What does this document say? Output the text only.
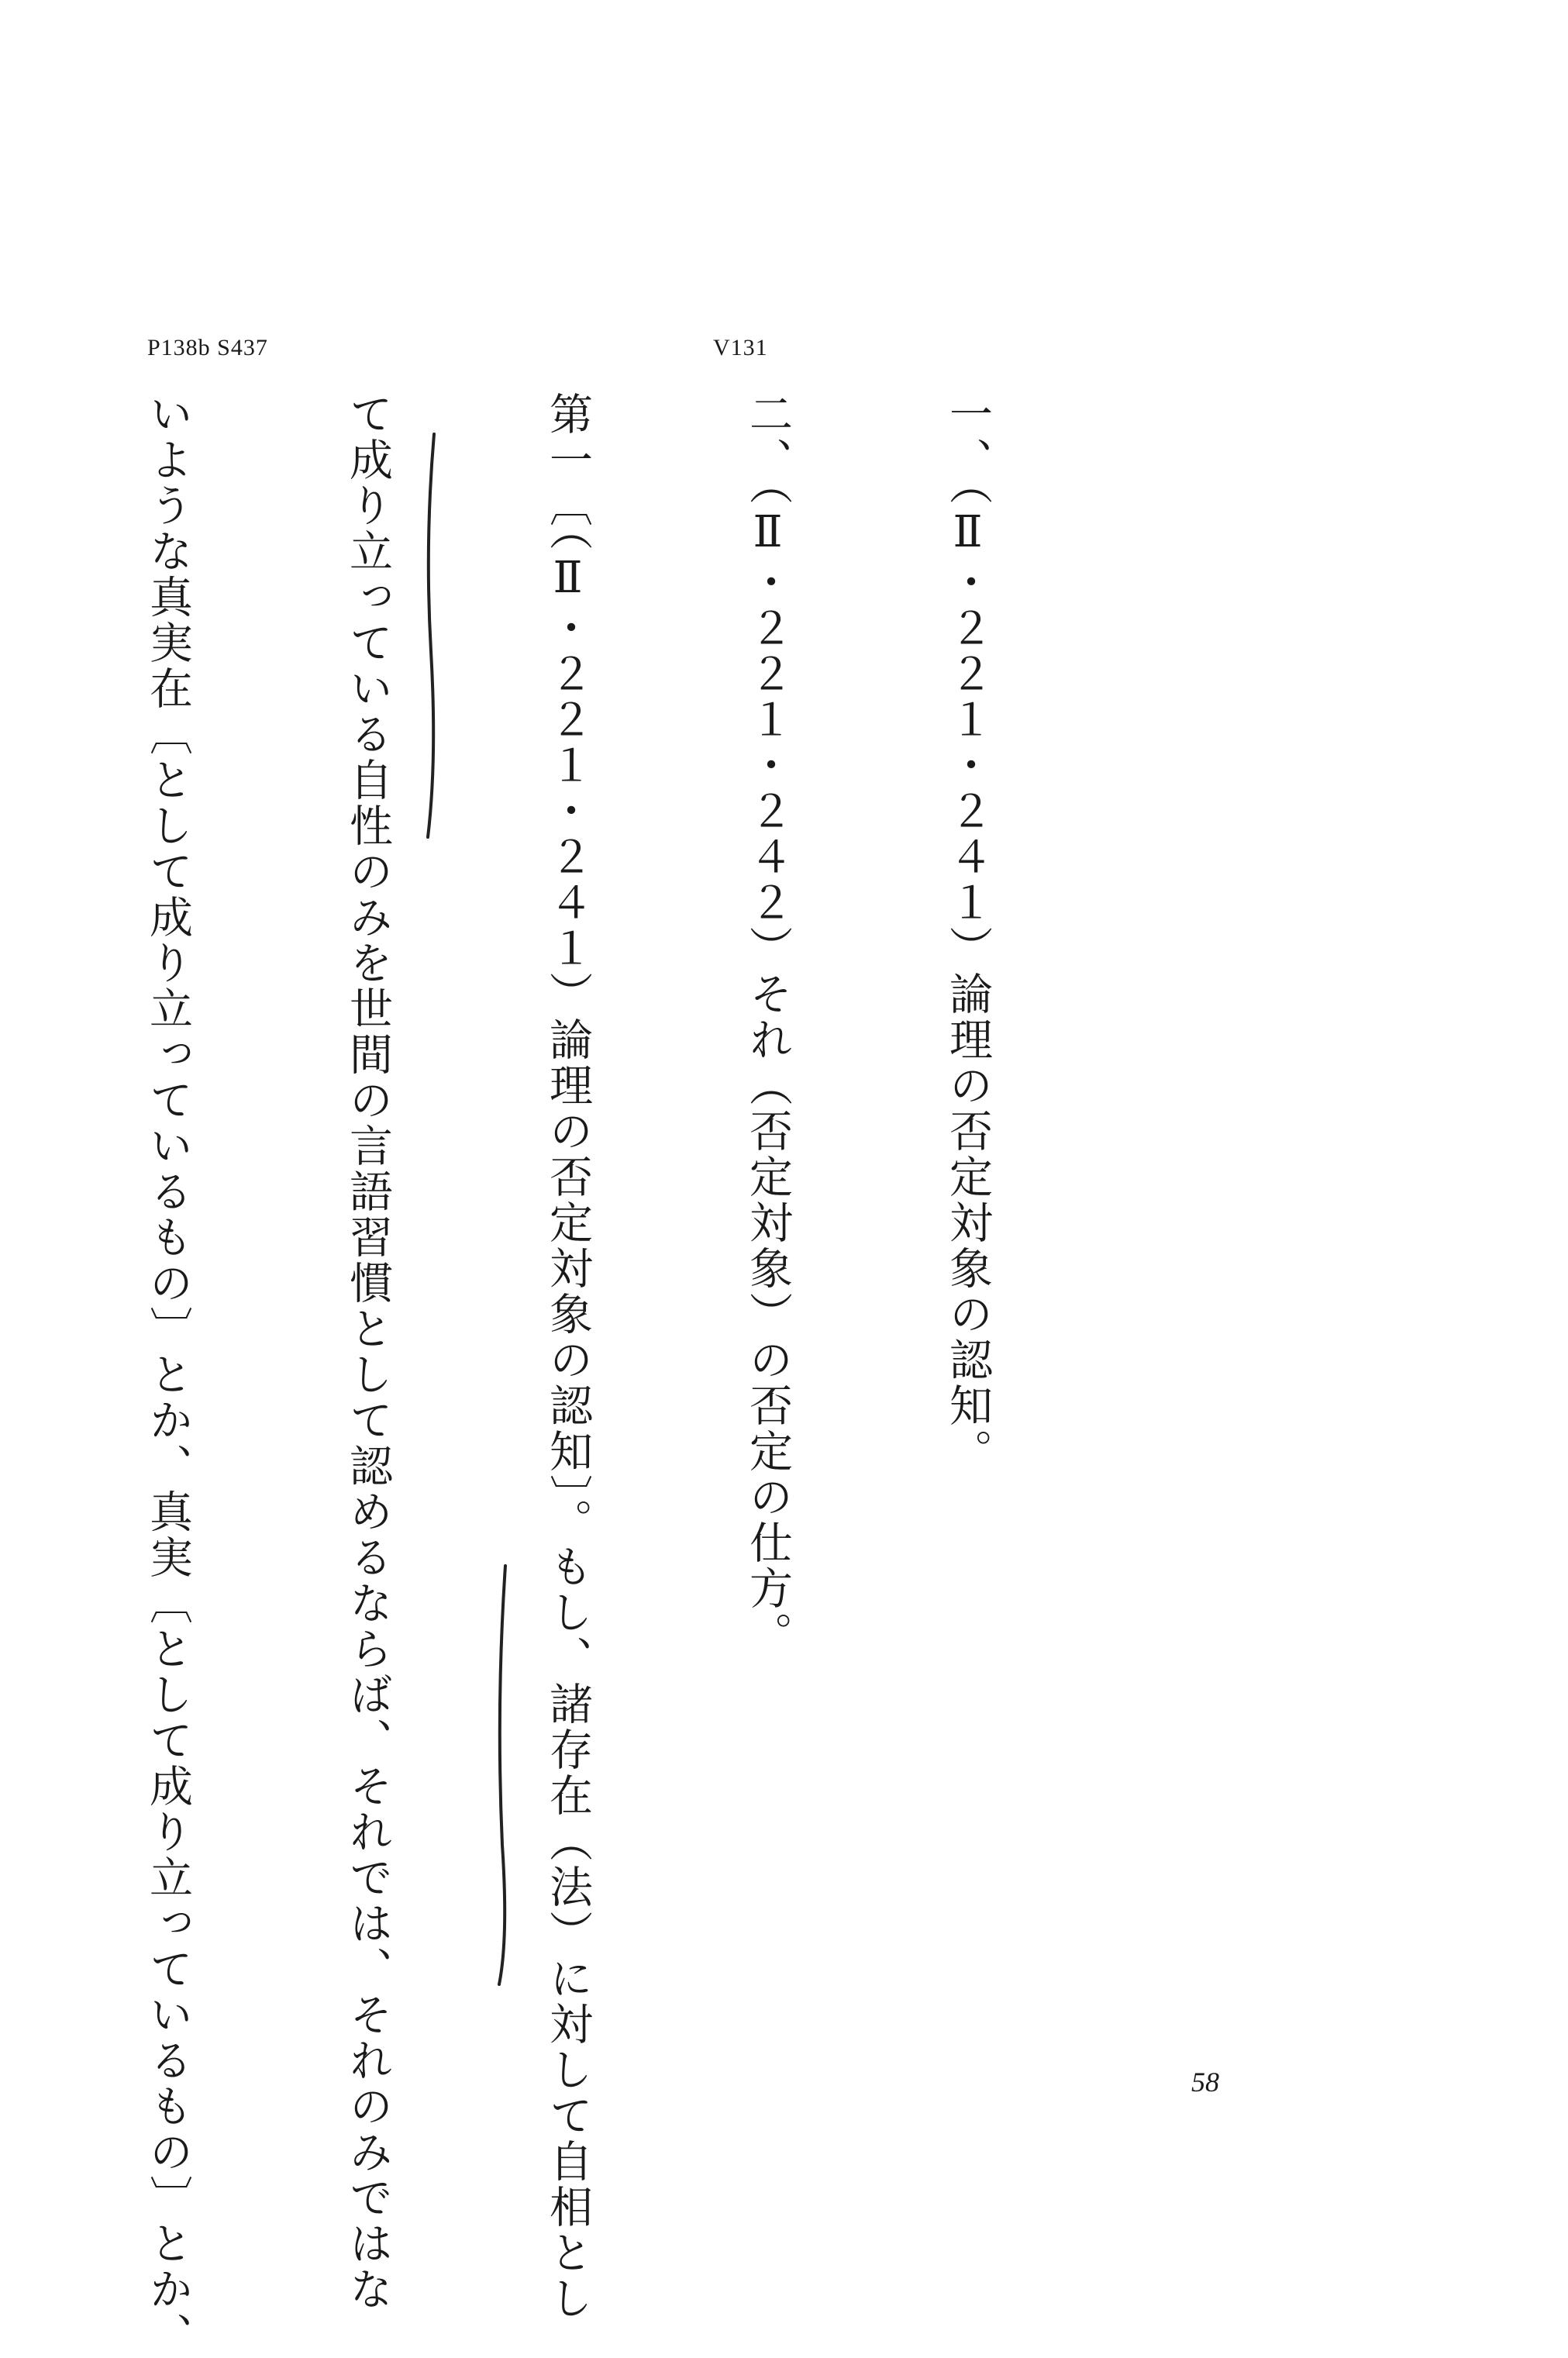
P138b S437	V131

一、（Ⅱ・２２１・２４１）論理の否定対象の認知。

二、（Ⅱ・２２１・２４２）それ（否定対象）の否定の仕方。

第一〔（Ⅱ・２２１・２４１）論理の否定対象の認知〕。もし、諸存在（法）に対して自相とし

て成り立っている自性のみを世間の言語習慣として認めるならば、それでは、それのみではな

いような真実在〔として成り立っているもの〕とか、真実〔として成り立っているもの〕とか、

	58
